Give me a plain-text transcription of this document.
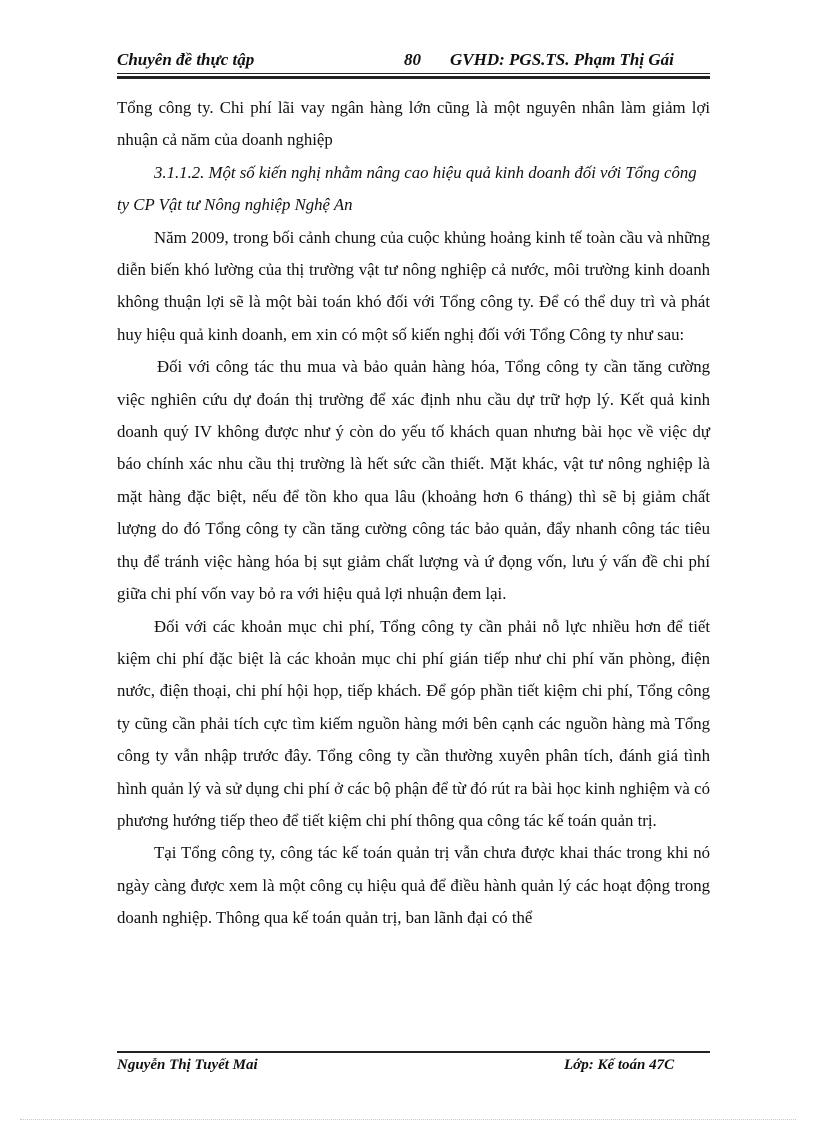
Chuyên đề thực tập	80 GVHD: PGS.TS. Phạm Thị Gái

Tổng công ty. Chi phí lãi vay ngân hàng lớn cũng là một nguyên nhân làm giảm lợi nhuận cả năm của doanh nghiệp

3.1.1.2. Một số kiến nghị nhằm nâng cao hiệu quả kinh doanh đối với Tổng công ty CP Vật tư Nông nghiệp Nghệ An

Năm 2009, trong bối cảnh chung của cuộc khủng hoảng kinh tế toàn cầu và những diễn biến khó lường của thị trường vật tư nông nghiệp cả nước, môi trường kinh doanh không thuận lợi sẽ là một bài toán khó đối với Tổng công ty. Để có thể duy trì và phát huy hiệu quả kinh doanh, em xin có một số kiến nghị đối với Tổng Công ty như sau:

Đối với công tác thu mua và bảo quản hàng hóa, Tổng công ty cần tăng cường việc nghiên cứu dự đoán thị trường để xác định nhu cầu dự trữ hợp lý. Kết quả kinh doanh quý IV không được như ý còn do yếu tố khách quan nhưng bài học về việc dự báo chính xác nhu cầu thị trường là hết sức cần thiết. Mặt khác, vật tư nông nghiệp là mặt hàng đặc biệt, nếu để tồn kho qua lâu (khoảng hơn 6 tháng) thì sẽ bị giảm chất lượng do đó Tổng công ty cần tăng cường công tác bảo quản, đẩy nhanh công tác tiêu thụ để tránh việc hàng hóa bị sụt giảm chất lượng và ứ đọng vốn, lưu ý vấn đề chi phí giữa chi phí vốn vay bỏ ra với hiệu quả lợi nhuận đem lại.

Đối với các khoản mục chi phí, Tổng công ty cần phải nỗ lực nhiều hơn để tiết kiệm chi phí đặc biệt là các khoản mục chi phí gián tiếp như chi phí văn phòng, điện nước, điện thoại, chi phí hội họp, tiếp khách. Để góp phần tiết kiệm chi phí, Tổng công ty cũng cần phải tích cực tìm kiếm nguồn hàng mới bên cạnh các nguồn hàng mà Tổng công ty vẫn nhập trước đây. Tổng công ty cần thường xuyên phân tích, đánh giá tình hình quản lý và sử dụng chi phí ở các bộ phận để từ đó rút ra bài học kinh nghiệm và có phương hướng tiếp theo để tiết kiệm chi phí thông qua công tác kế toán quản trị.

Tại Tổng công ty, công tác kế toán quản trị vẫn chưa được khai thác trong khi nó ngày càng được xem là một công cụ hiệu quả để điều hành quản lý các hoạt động trong doanh nghiệp. Thông qua kế toán quản trị, ban lãnh đại có thể

Nguyễn Thị Tuyết Mai	Lớp: Kế toán 47C
